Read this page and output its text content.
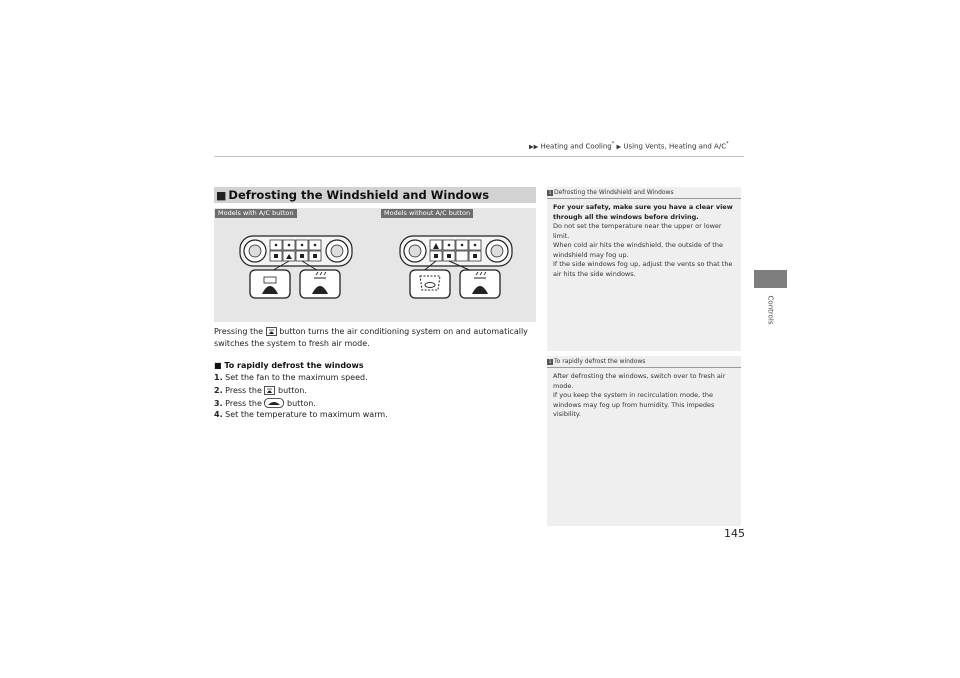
▶▶ Heating and Cooling* ▶ Using Vents, Heating and A/C*
Controls
145
■ Defrosting the Windshield and Windows
Models with A/C button	Models without A/C button
Pressing the button turns the air conditioning system on and automatically switches the system to fresh air mode.
■ To rapidly defrost the windows
1. Set the fan to the maximum speed.
2. Press the button.
3. Press the	button.
4. Set the temperature to maximum warm.
1 Defrosting the Windshield and Windows
For your safety, make sure you have a clear view through all the windows before driving.
Do not set the temperature near the upper or lower limit.
When cold air hits the windshield, the outside of the windshield may fog up.
If the side windows fog up, adjust the vents so that the air hits the side windows.
1 To rapidly defrost the windows
After defrosting the windows, switch over to fresh air mode.
If you keep the system in recirculation mode, the windows may fog up from humidity. This impedes visibility.
